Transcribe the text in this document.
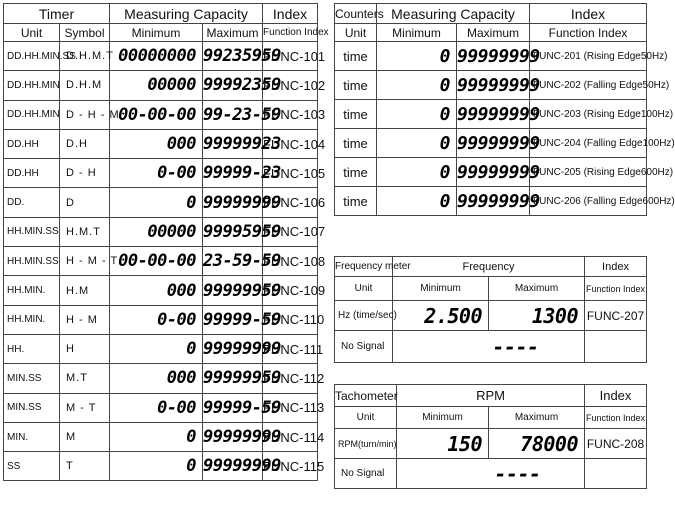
Timer		Measuring Capacity		Index
Unit	Symbol	Minimum	Maximum	Function Index
DD.HH.MIN.SS	D.H.M.T	00000000	99235959	FUNC-101
DD.HH.MIN	D.H.M	00000	99992359	FUNC-102
DD.HH.MIN	D - H - M	00-00-00	99-23-59	FUNC-103
DD.HH	D.H	000	99999923	FUNC-104
DD.HH	D - H	0-00	99999-23	FUNC-105
DD.	D	0	99999999	FUNC-106
HH.MIN.SS	H.M.T	00000	99995959	FUNC-107
HH.MIN.SS	H - M - T	00-00-00	23-59-59	FUNC-108
HH.MIN.	H.M	000	99999959	FUNC-109
HH.MIN.	H - M	0-00	99999-59	FUNC-110
HH.	H	0	99999999	FUNC-111
MIN.SS	M.T	000	99999959	FUNC-112
MIN.SS	M - T	0-00	99999-59	FUNC-113
MIN.	M	0	99999999	FUNC-114
SS	T	0	99999999	FUNC-115
Counters	Measuring Capacity		Index
Unit	Minimum	Maximum	Function Index
time	0	99999999	FUNC-201 (Rising Edge50Hz)
time	0	99999999	FUNC-202 (Falling Edge50Hz)
time	0	99999999	FUNC-203 (Rising Edge100Hz)
time	0	99999999	FUNC-204 (Falling Edge100Hz)
time	0	99999999	FUNC-205 (Rising Edge600Hz)
time	0	99999999	FUNC-206 (Falling Edge600Hz)
Frequency meter	Frequency		Index
Unit	Minimum	Maximum	Function Index
Hz (time/sec)	2.500	1300	FUNC-207
No Signal	----		
Tachometer	RPM		Index
Unit	Minimum	Maximum	Function Index
RPM(turn/min)	150	78000	FUNC-208
No Signal	----		
